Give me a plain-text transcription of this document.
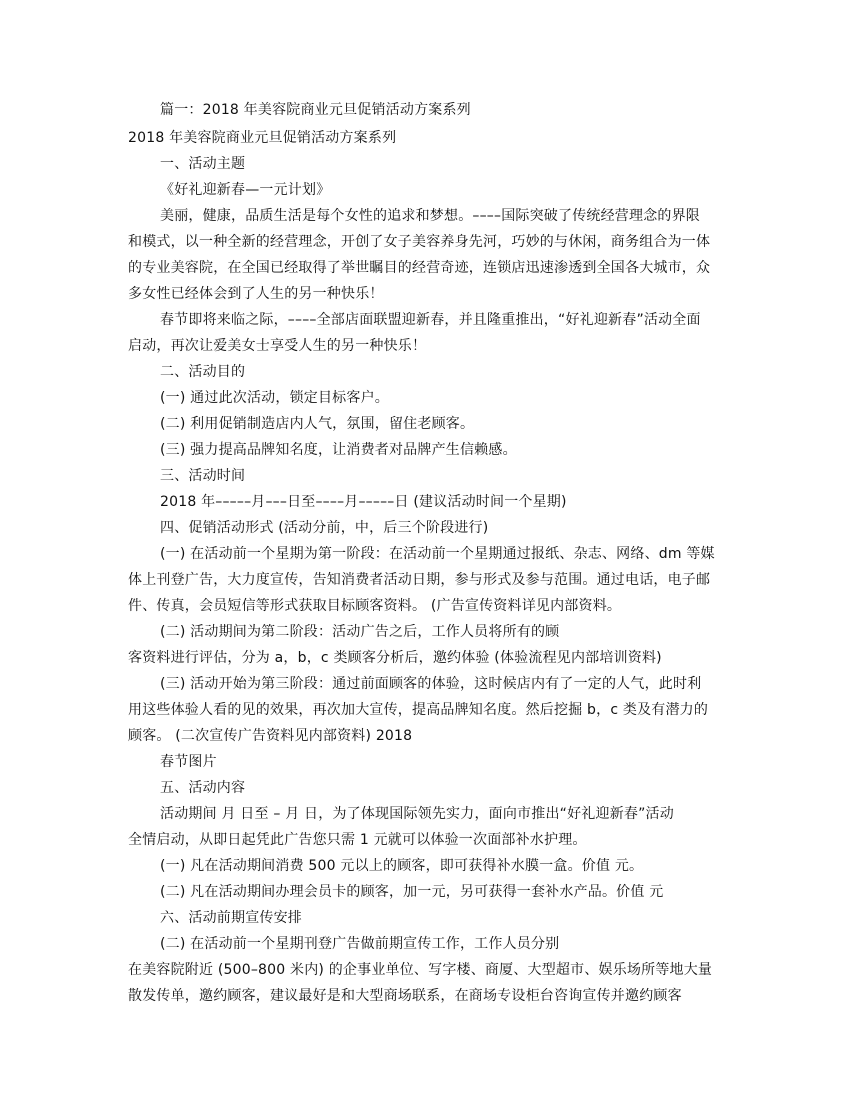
篇一：2018 年美容院商业元旦促销活动方案系列
2018 年美容院商业元旦促销活动方案系列
一、活动主题
《好礼迎新春—一元计划》
美丽，健康，品质生活是每个女性的追求和梦想。––––国际突破了传统经营理念的界限
和模式，以一种全新的经营理念，开创了女子美容养身先河，巧妙的与休闲，商务组合为一体
的专业美容院，在全国已经取得了举世瞩目的经营奇迹，连锁店迅速渗透到全国各大城市，众
多女性已经体会到了人生的另一种快乐！
春节即将来临之际，––––全部店面联盟迎新春，并且隆重推出，“好礼迎新春”活动全面
启动，再次让爱美女士享受人生的另一种快乐！
二、活动目的
(一) 通过此次活动，锁定目标客户。
(二) 利用促销制造店内人气，氛围，留住老顾客。
(三) 强力提高品牌知名度，让消费者对品牌产生信赖感。
三、活动时间
2018 年–––––月–––日至––––月–––––日 (建议活动时间一个星期)
四、促销活动形式 (活动分前，中，后三个阶段进行)
(一) 在活动前一个星期为第一阶段：在活动前一个星期通过报纸、杂志、网络、dm 等媒
体上刊登广告，大力度宣传，告知消费者活动日期，参与形式及参与范围。通过电话，电子邮
件、传真，会员短信等形式获取目标顾客资料。 (广告宣传资料详见内部资料。
(二) 活动期间为第二阶段：活动广告之后，工作人员将所有的顾
客资料进行评估，分为 a，b，c 类顾客分析后，邀约体验 (体验流程见内部培训资料)
(三) 活动开始为第三阶段：通过前面顾客的体验，这时候店内有了一定的人气，此时利
用这些体验人看的见的效果，再次加大宣传，提高品牌知名度。然后挖掘 b，c 类及有潜力的
顾客。 (二次宣传广告资料见内部资料) 2018
春节图片
五、活动内容
活动期间 月 日至 – 月 日，为了体现国际领先实力，面向市推出“好礼迎新春”活动
全情启动，从即日起凭此广告您只需 1 元就可以体验一次面部补水护理。
(一) 凡在活动期间消费 500 元以上的顾客，即可获得补水膜一盒。价值 元。
(二) 凡在活动期间办理会员卡的顾客，加一元，另可获得一套补水产品。价值 元
六、活动前期宣传安排
(二) 在活动前一个星期刊登广告做前期宣传工作，工作人员分别
在美容院附近 (500–800 米内) 的企事业单位、写字楼、商厦、大型超市、娱乐场所等地大量
散发传单，邀约顾客，建议最好是和大型商场联系，在商场专设柜台咨询宣传并邀约顾客
